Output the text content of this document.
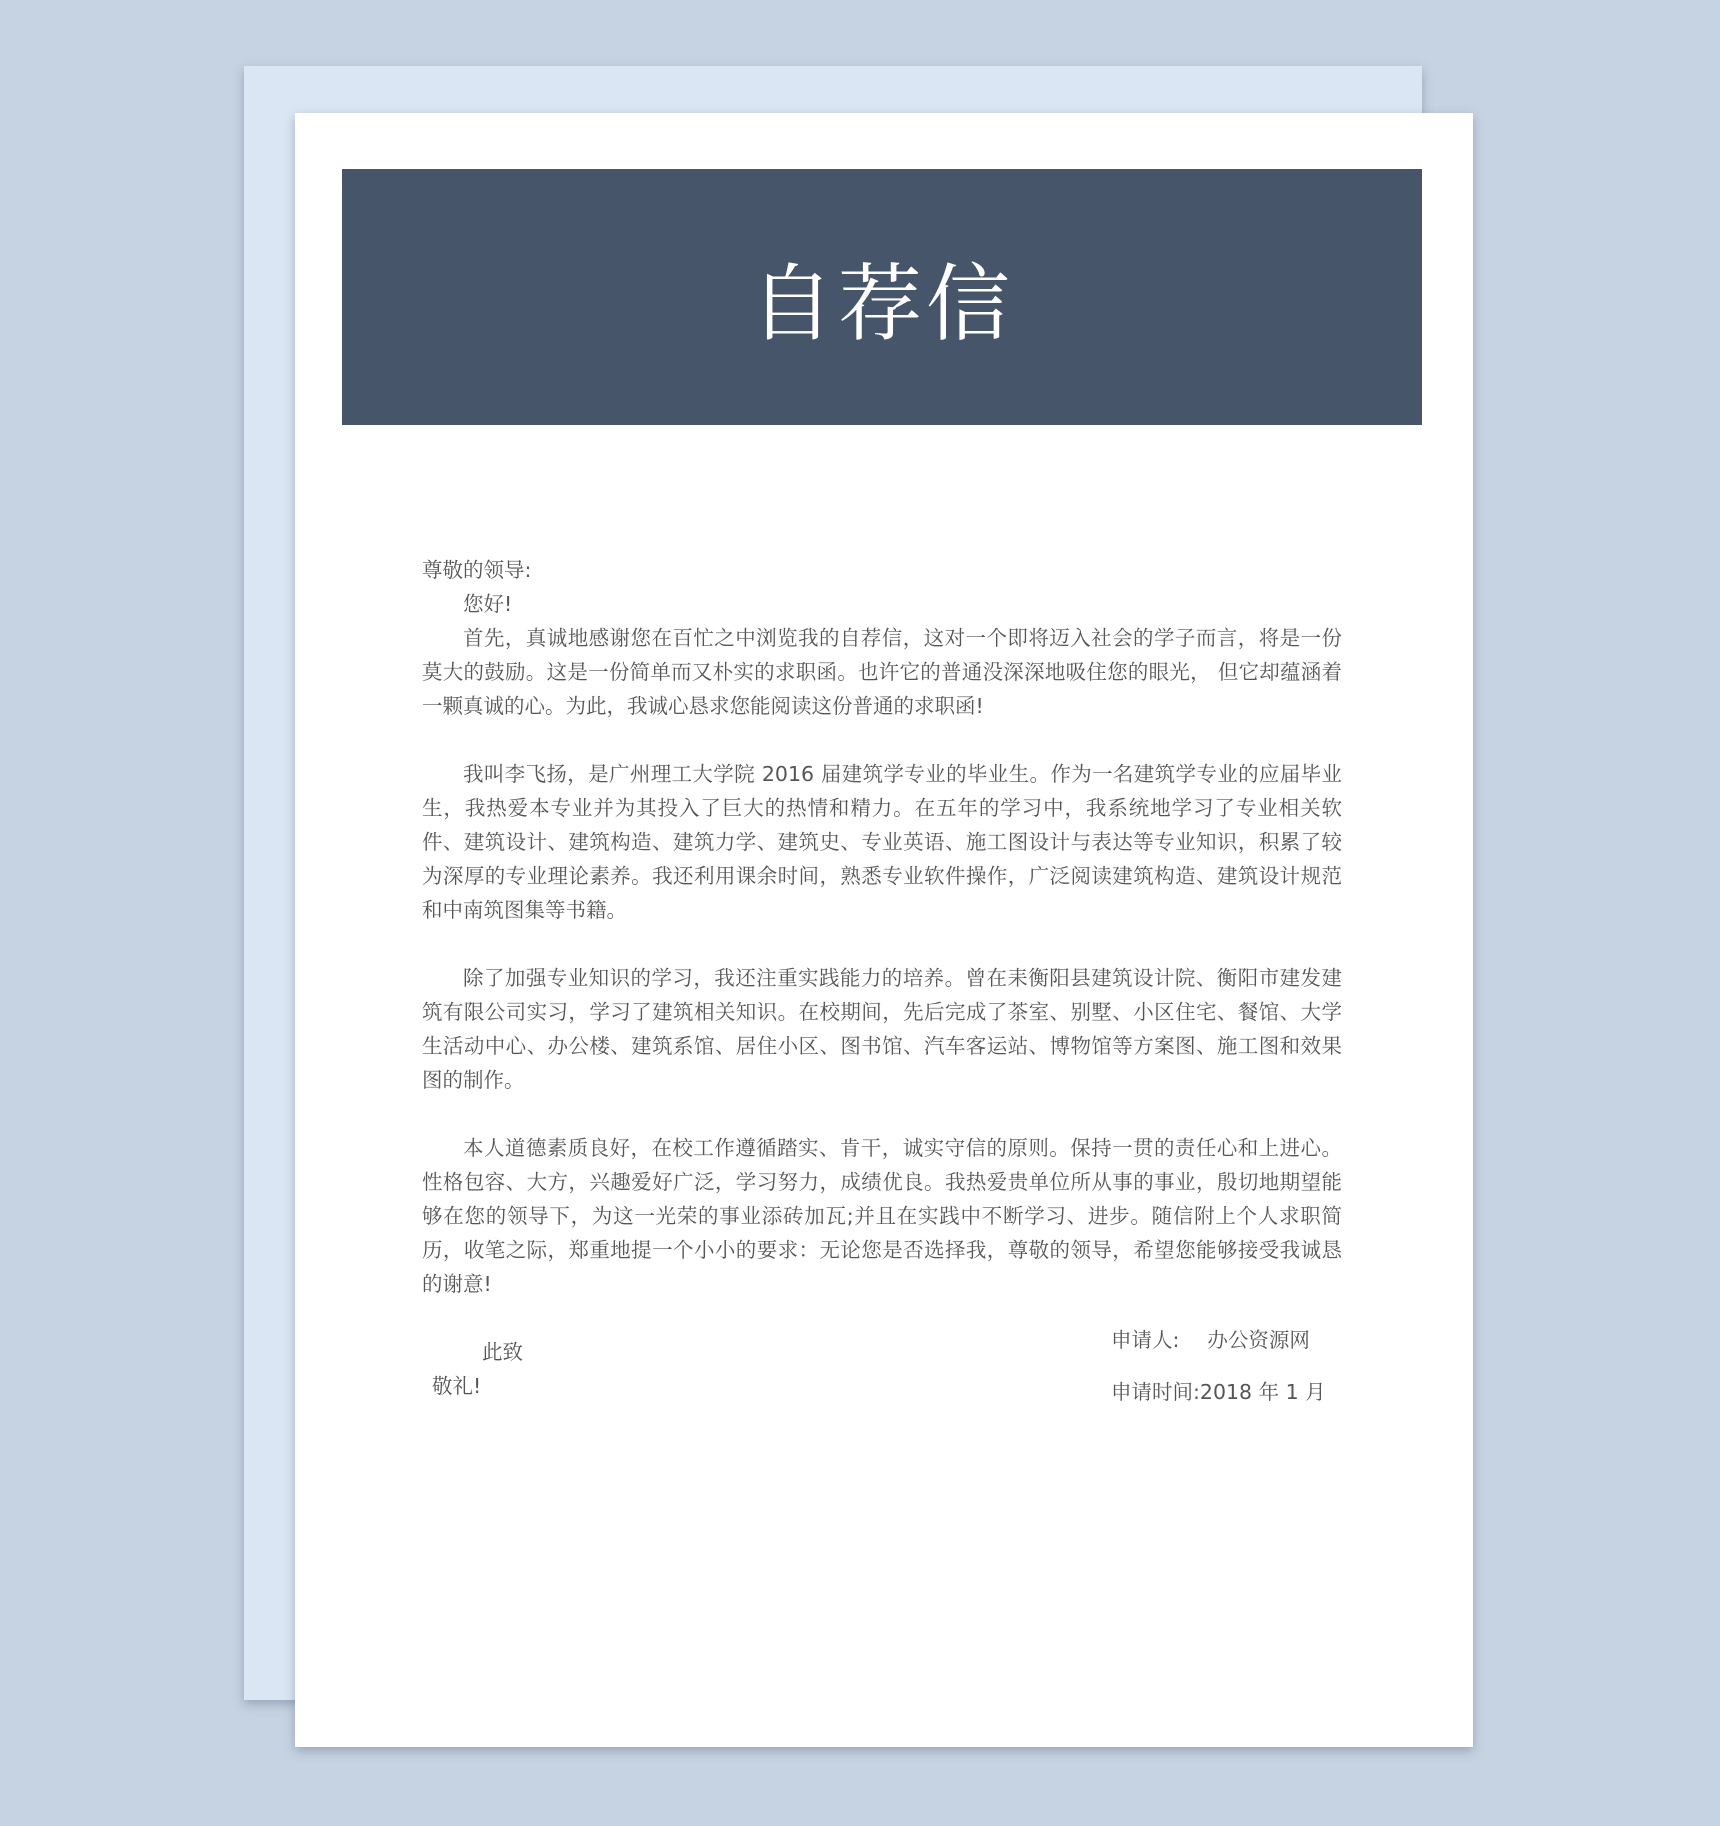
自荐信

尊敬的领导:

您好!

首先，真诚地感谢您在百忙之中浏览我的自荐信，这对一个即将迈入社会的学子而言，将是一份莫大的鼓励。这是一份简单而又朴实的求职函。也许它的普通没深深地吸住您的眼光， 但它却蕴涵着一颗真诚的心。为此，我诚心恳求您能阅读这份普通的求职函!

我叫李飞扬，是广州理工大学院 2016 届建筑学专业的毕业生。作为一名建筑学专业的应届毕业生，我热爱本专业并为其投入了巨大的热情和精力。在五年的学习中，我系统地学习了专业相关软件、建筑设计、建筑构造、建筑力学、建筑史、专业英语、施工图设计与表达等专业知识，积累了较为深厚的专业理论素养。我还利用课余时间，熟悉专业软件操作，广泛阅读建筑构造、建筑设计规范和中南筑图集等书籍。

除了加强专业知识的学习，我还注重实践能力的培养。曾在耒衡阳县建筑设计院、衡阳市建发建筑有限公司实习，学习了建筑相关知识。在校期间，先后完成了茶室、别墅、小区住宅、餐馆、大学生活动中心、办公楼、建筑系馆、居住小区、图书馆、汽车客运站、博物馆等方案图、施工图和效果图的制作。

本人道德素质良好，在校工作遵循踏实、肯干，诚实守信的原则。保持一贯的责任心和上进心。性格包容、大方，兴趣爱好广泛，学习努力，成绩优良。我热爱贵单位所从事的事业，殷切地期望能够在您的领导下，为这一光荣的事业添砖加瓦;并且在实践中不断学习、进步。随信附上个人求职简历，收笔之际，郑重地提一个小小的要求：无论您是否选择我，尊敬的领导，希望您能够接受我诚恳的谢意!

此致

敬礼!

申请人: 办公资源网
申请时间:2018 年 1 月
